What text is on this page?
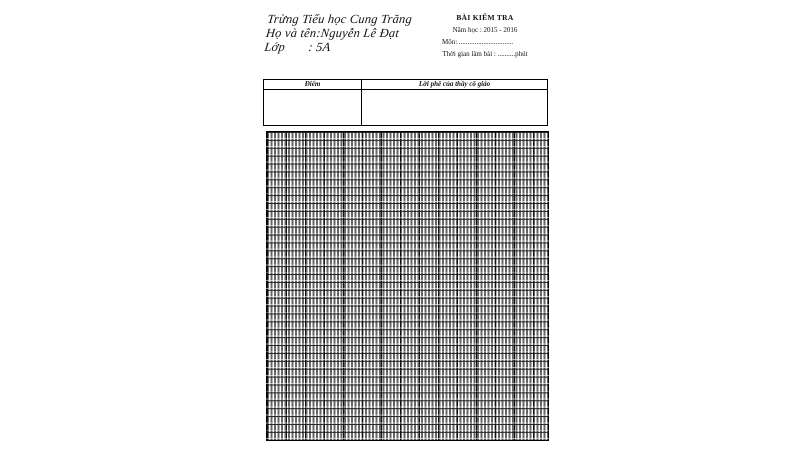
Trừng Tiểu học Cung Trăng
Họ và tên:Nguyễn Lê Đạt
Lớp : 5A
BÀI KIỂM TRA
Năm học : 2015 - 2016
Môn: ...............................
Thời gian làm bài : ..........phút
Điểm	Lời phê của thầy cô giáo
